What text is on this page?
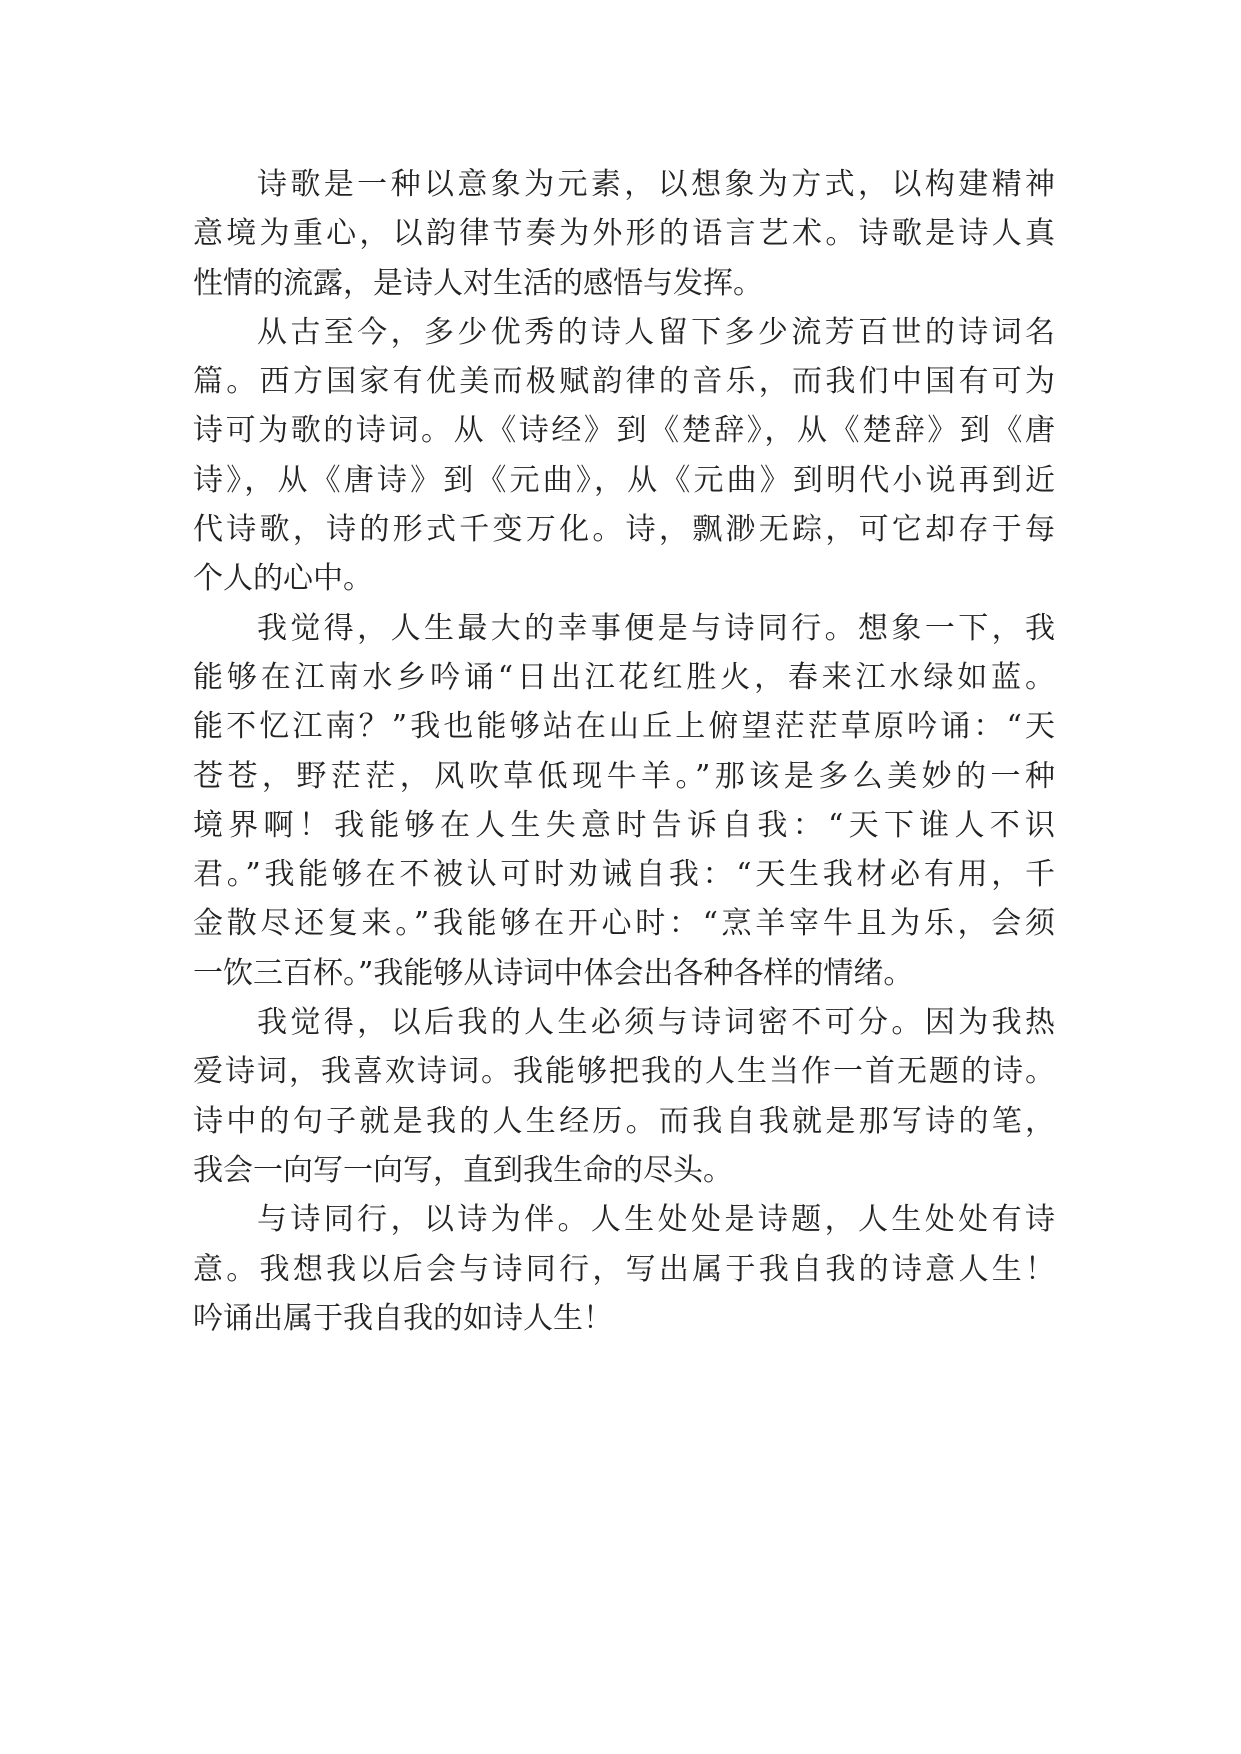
诗歌是一种以意象为元素，以想象为方式，以构建精神
意境为重心，以韵律节奏为外形的语言艺术。诗歌是诗人真
性情的流露，是诗人对生活的感悟与发挥。
从古至今，多少优秀的诗人留下多少流芳百世的诗词名
篇。西方国家有优美而极赋韵律的音乐，而我们中国有可为
诗可为歌的诗词。从《诗经》到《楚辞》，从《楚辞》到《唐
诗》，从《唐诗》到《元曲》，从《元曲》到明代小说再到近
代诗歌，诗的形式千变万化。诗，飘渺无踪，可它却存于每
个人的心中。
我觉得，人生最大的幸事便是与诗同行。想象一下，我
能够在江南水乡吟诵“日出江花红胜火，春来江水绿如蓝。
能不忆江南？”我也能够站在山丘上俯望茫茫草原吟诵：“天
苍苍，野茫茫，风吹草低现牛羊。”那该是多么美妙的一种
境界啊！我能够在人生失意时告诉自我：“天下谁人不识
君。”我能够在不被认可时劝诫自我：“天生我材必有用，千
金散尽还复来。”我能够在开心时：“烹羊宰牛且为乐，会须
一饮三百杯。”我能够从诗词中体会出各种各样的情绪。
我觉得，以后我的人生必须与诗词密不可分。因为我热
爱诗词，我喜欢诗词。我能够把我的人生当作一首无题的诗。
诗中的句子就是我的人生经历。而我自我就是那写诗的笔，
我会一向写一向写，直到我生命的尽头。
与诗同行，以诗为伴。人生处处是诗题，人生处处有诗
意。我想我以后会与诗同行，写出属于我自我的诗意人生！
吟诵出属于我自我的如诗人生！
